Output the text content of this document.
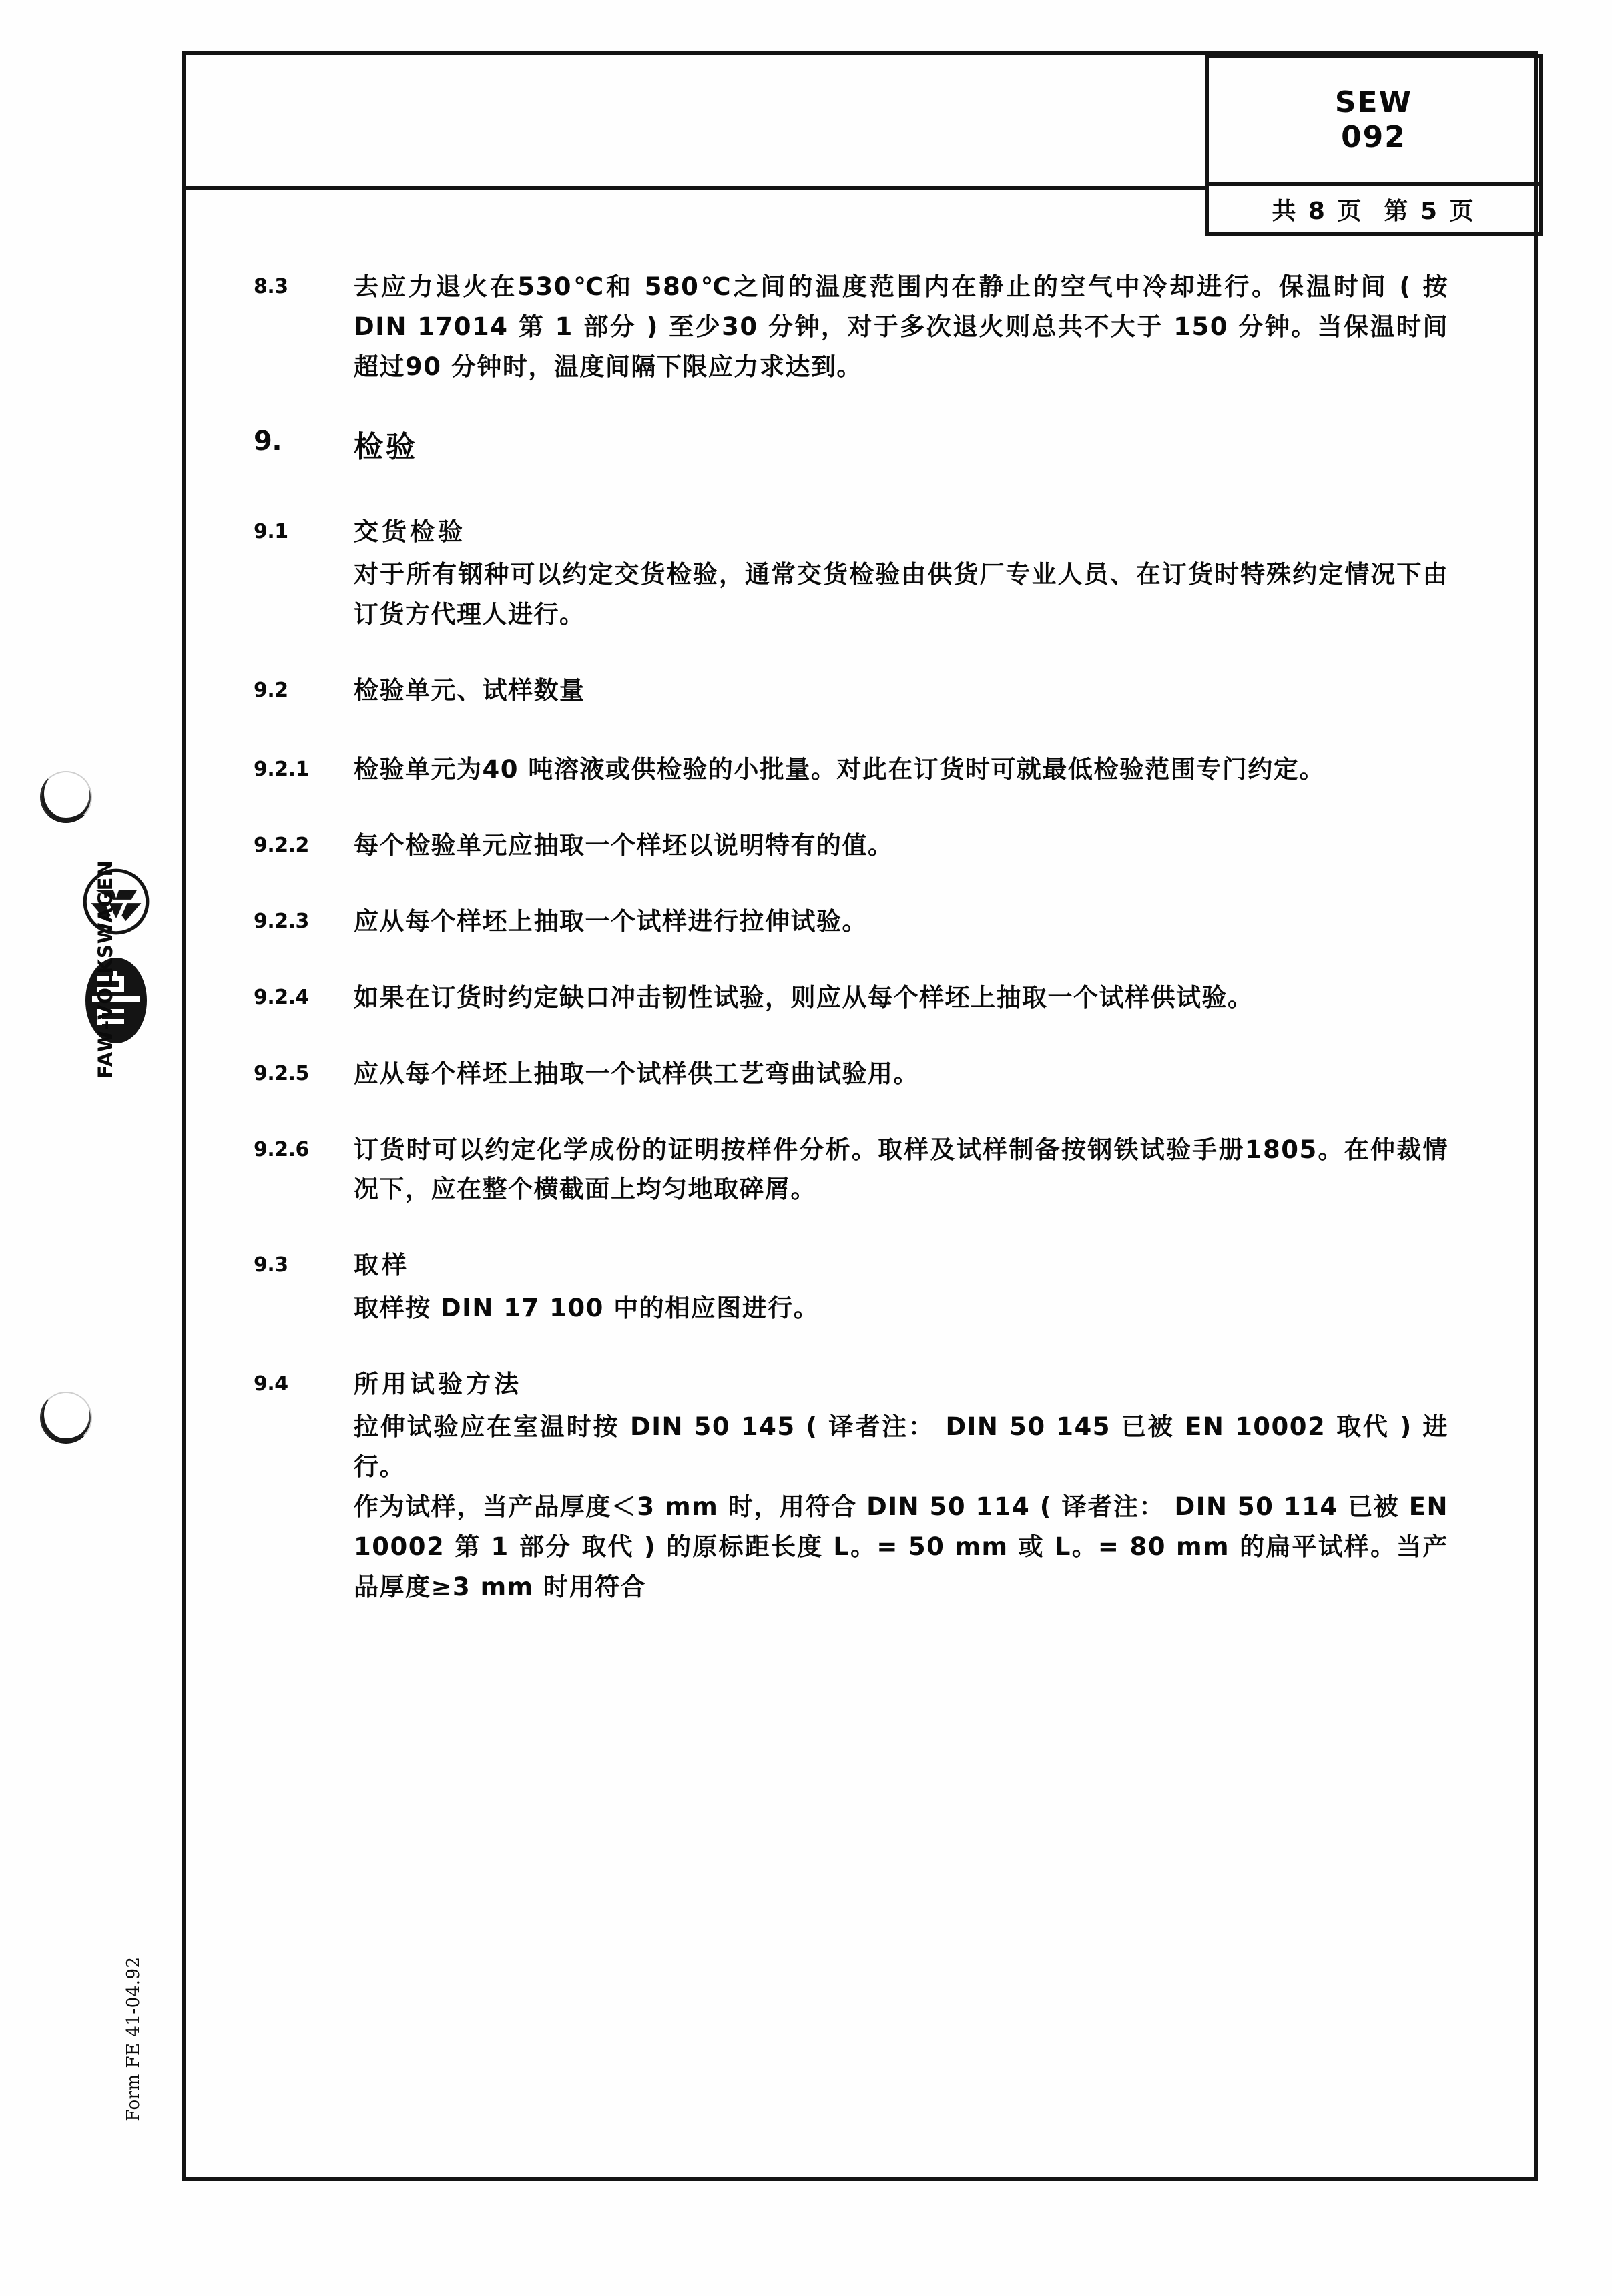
FAW–VOLKSWAGEN
Form FE 41-04.92
SEW
092
共 8 页  第 5 页
8.3	去应力退火在530℃和 580℃之间的温度范围内在静止的空气中冷却进行。保温时间 ( 按 DIN 17014 第 1 部分 ) 至少30 分钟，对于多次退火则总共不大于 150 分钟。当保温时间超过90 分钟时，温度间隔下限应力求达到。
9.	检验
9.1	交货检验
对于所有钢种可以约定交货检验，通常交货检验由供货厂专业人员、在订货时特殊约定情况下由订货方代理人进行。
9.2	检验单元、试样数量
9.2.1	检验单元为40 吨溶液或供检验的小批量。对此在订货时可就最低检验范围专门约定。
9.2.2	每个检验单元应抽取一个样坯以说明特有的值。
9.2.3	应从每个样坯上抽取一个试样进行拉伸试验。
9.2.4	如果在订货时约定缺口冲击韧性试验，则应从每个样坯上抽取一个试样供试验。
9.2.5	应从每个样坯上抽取一个试样供工艺弯曲试验用。
9.2.6	订货时可以约定化学成份的证明按样件分析。取样及试样制备按钢铁试验手册1805。在仲裁情况下，应在整个横截面上均匀地取碎屑。
9.3	取样
取样按 DIN 17 100 中的相应图进行。
9.4	所用试验方法
拉伸试验应在室温时按 DIN 50 145 ( 译者注： DIN 50 145 已被 EN 10002 取代 ) 进行。
作为试样，当产品厚度＜3 mm 时，用符合 DIN 50 114 ( 译者注： DIN 50 114 已被 EN 10002 第 1 部分 取代 ) 的原标距长度 L。= 50 mm 或 L。= 80 mm 的扁平试样。当产品厚度≥3 mm 时用符合
